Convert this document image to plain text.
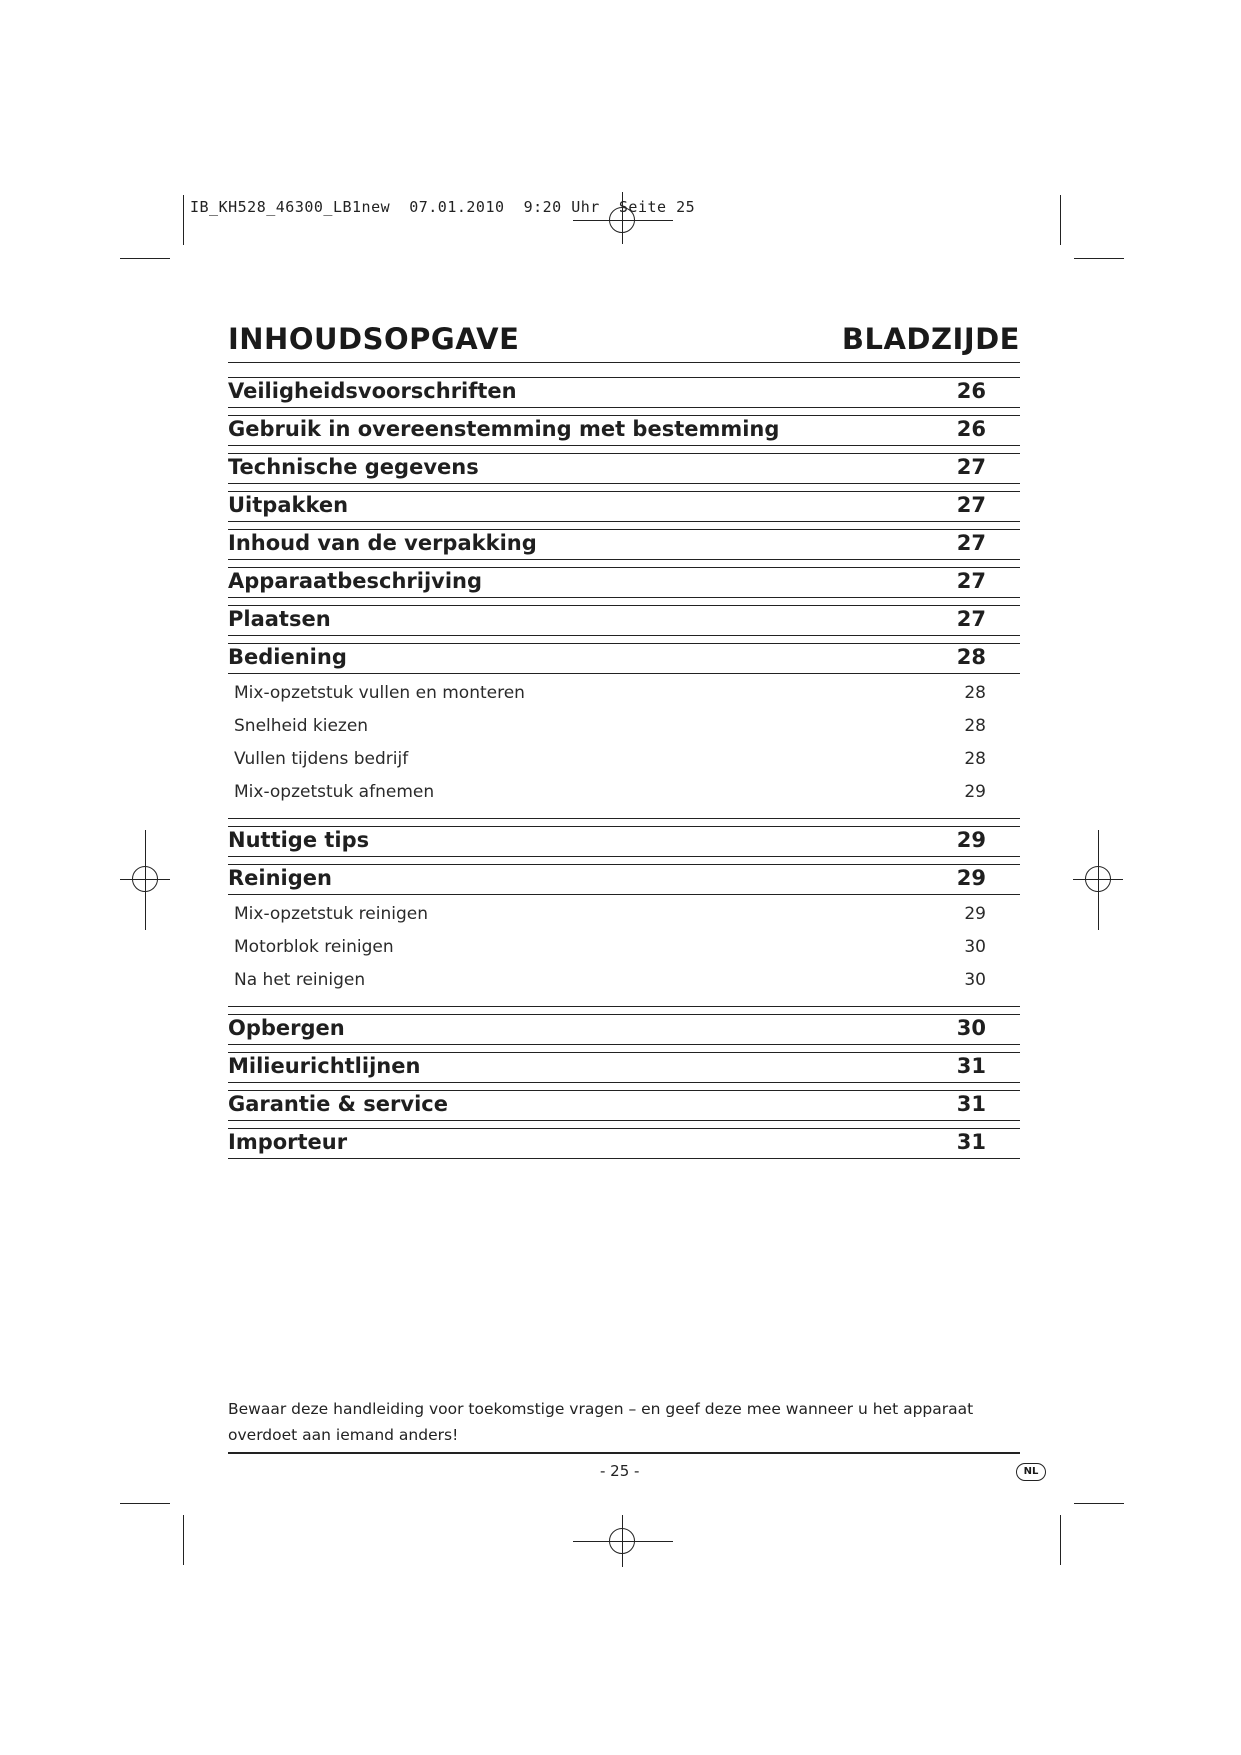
IB_KH528_46300_LB1new  07.01.2010  9:20 Uhr  Seite 25
INHOUDSOPGAVE	BLADZIJDE
Veiligheidsvoorschriften	26
Gebruik in overeenstemming met bestemming	26
Technische gegevens	27
Uitpakken	27
Inhoud van de verpakking	27
Apparaatbeschrijving	27
Plaatsen	27
Bediening	28
Mix-opzetstuk vullen en monteren	28
Snelheid kiezen	28
Vullen tijdens bedrijf	28
Mix-opzetstuk afnemen	29
Nuttige tips	29
Reinigen	29
Mix-opzetstuk reinigen	29
Motorblok reinigen	30
Na het reinigen	30
Opbergen	30
Milieurichtlijnen	31
Garantie & service	31
Importeur	31
Bewaar deze handleiding voor toekomstige vragen – en geef deze mee wanneer u het apparaat overdoet aan iemand anders!
- 25 -	NL
